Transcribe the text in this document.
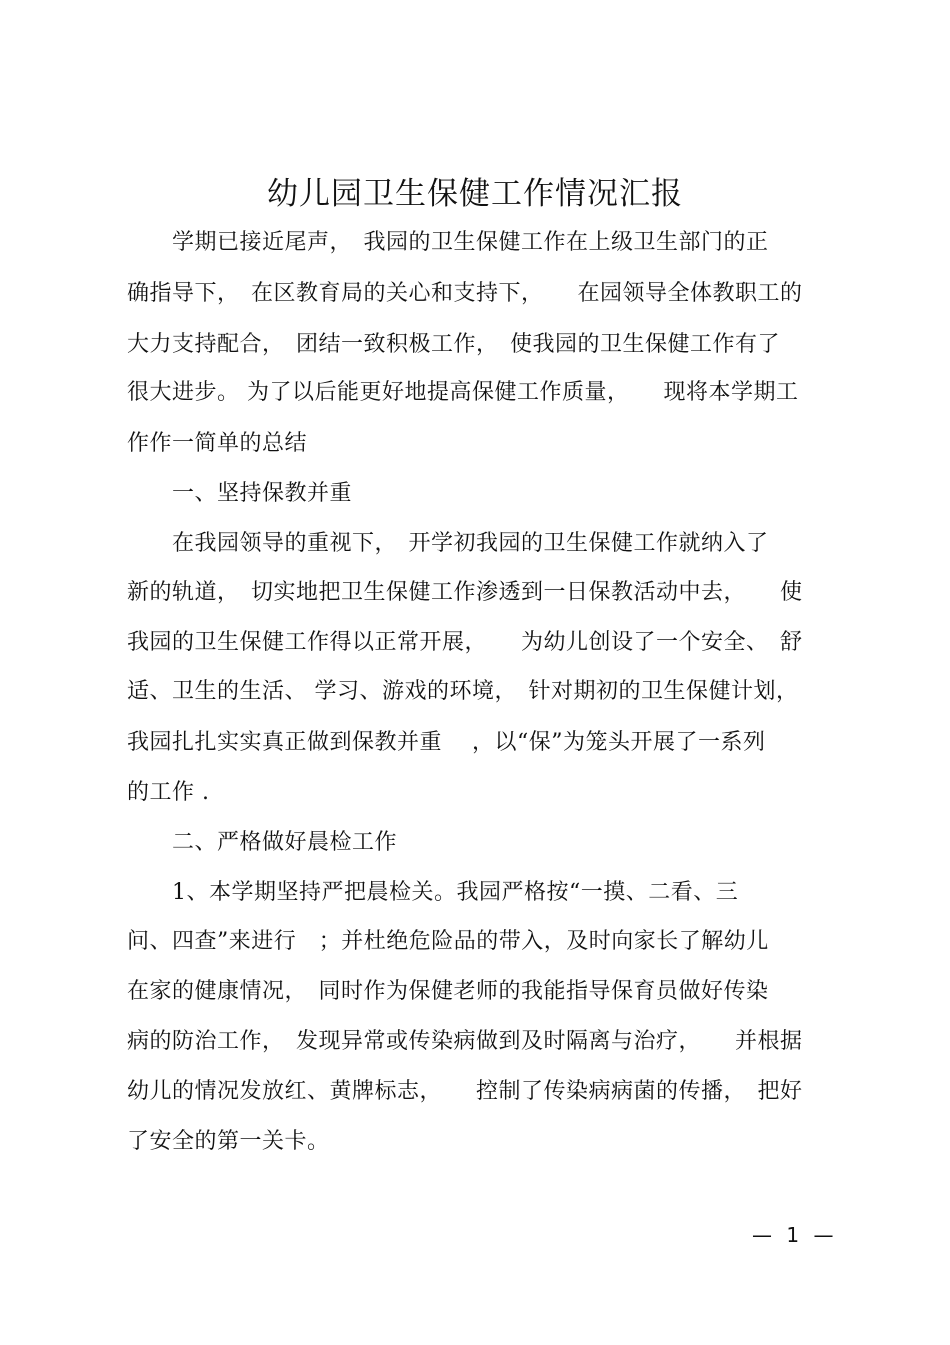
幼儿园卫生保健工作情况汇报
　　学期已接近尾声，　我园的卫生保健工作在上级卫生部门的正
确指导下，　在区教育局的关心和支持下，　　在园领导全体教职工的
大力支持配合，　团结一致积极工作，　使我园的卫生保健工作有了
很大进步。 为了以后能更好地提高保健工作质量，　　现将本学期工
作作一简单的总结
　　一、坚持保教并重
　　在我园领导的重视下，　开学初我园的卫生保健工作就纳入了
新的轨道，　切实地把卫生保健工作渗透到一日保教活动中去，　　使
我园的卫生保健工作得以正常开展，　　为幼儿创设了一个安全、　舒
适、卫生的生活、 学习、游戏的环境，　针对期初的卫生保健计划，
我园扎扎实实真正做到保教并重　 ，以“保”为笼头开展了一系列
的工作 .
　　二、严格做好晨检工作
　　1、本学期坚持严把晨检关。我园严格按“一摸、二看、三
问、四查”来进行　；并杜绝危险品的带入，及时向家长了解幼儿
在家的健康情况，　同时作为保健老师的我能指导保育员做好传染
病的防治工作，　发现异常或传染病做到及时隔离与治疗，　　并根据
幼儿的情况发放红、黄牌标志，　　控制了传染病病菌的传播，　把好
了安全的第一关卡。
— 1 —
